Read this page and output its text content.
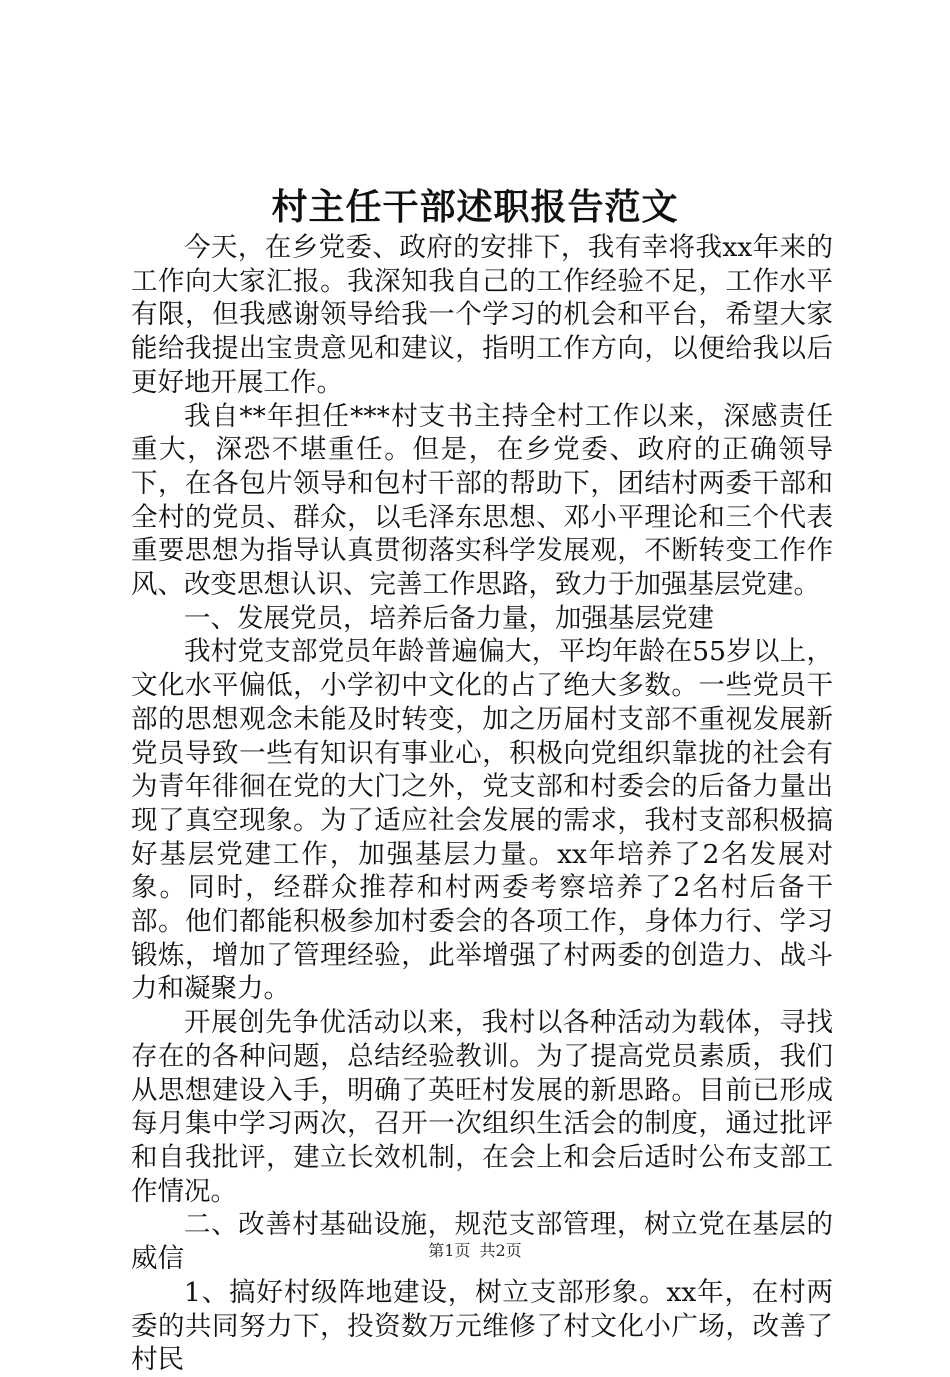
村主任干部述职报告范文

今天，在乡党委、政府的安排下，我有幸将我xx年来的工作向大家汇报。我深知我自己的工作经验不足，工作水平有限，但我感谢领导给我一个学习的机会和平台，希望大家能给我提出宝贵意见和建议，指明工作方向，以便给我以后更好地开展工作。

我自**年担任***村支书主持全村工作以来，深感责任重大，深恐不堪重任。但是，在乡党委、政府的正确领导下，在各包片领导和包村干部的帮助下，团结村两委干部和全村的党员、群众，以毛泽东思想、邓小平理论和三个代表重要思想为指导认真贯彻落实科学发展观，不断转变工作作风、改变思想认识、完善工作思路，致力于加强基层党建。

一、发展党员，培养后备力量，加强基层党建

我村党支部党员年龄普遍偏大，平均年龄在55岁以上，文化水平偏低，小学初中文化的占了绝大多数。一些党员干部的思想观念未能及时转变，加之历届村支部不重视发展新党员导致一些有知识有事业心，积极向党组织靠拢的社会有为青年徘徊在党的大门之外，党支部和村委会的后备力量出现了真空现象。为了适应社会发展的需求，我村支部积极搞好基层党建工作，加强基层力量。xx年培养了2名发展对象。同时，经群众推荐和村两委考察培养了2名村后备干部。他们都能积极参加村委会的各项工作，身体力行、学习锻炼，增加了管理经验，此举增强了村两委的创造力、战斗力和凝聚力。

开展创先争优活动以来，我村以各种活动为载体，寻找存在的各种问题，总结经验教训。为了提高党员素质，我们从思想建设入手，明确了英旺村发展的新思路。目前已形成每月集中学习两次，召开一次组织生活会的制度，通过批评和自我批评，建立长效机制，在会上和会后适时公布支部工作情况。

二、改善村基础设施，规范支部管理，树立党在基层的威信

1、搞好村级阵地建设，树立支部形象。xx年，在村两委的共同努力下，投资数万元维修了村文化小广场，改善了村民

第1页 共2页
